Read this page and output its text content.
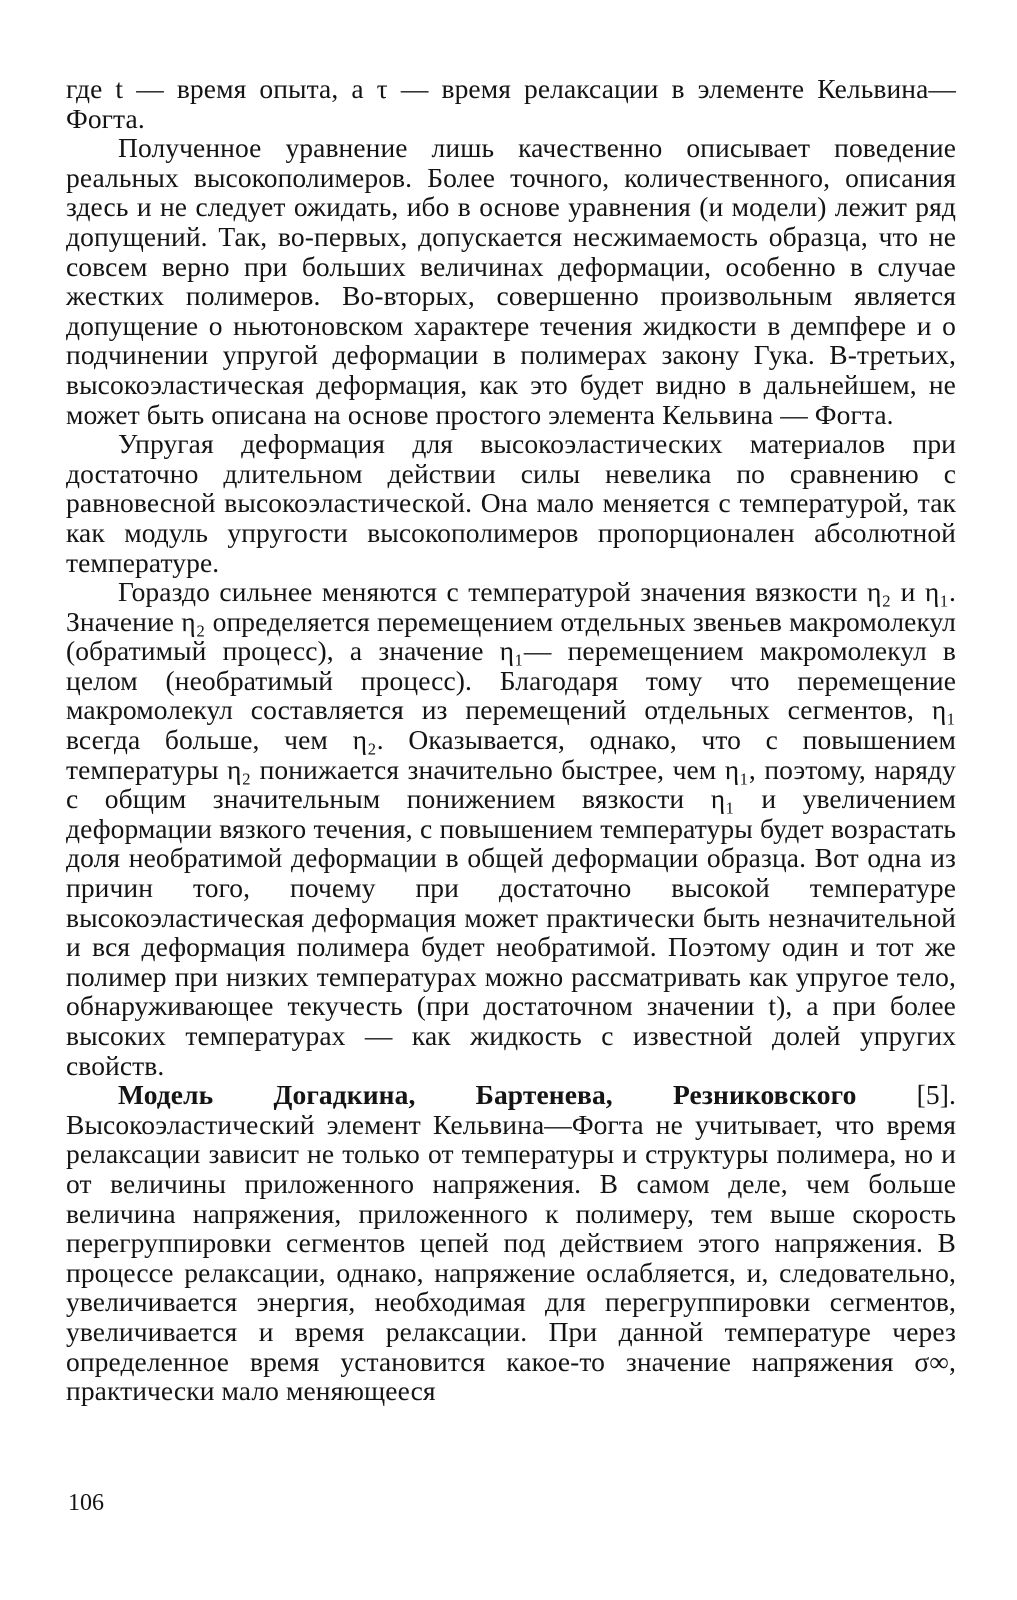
где t — время опыта, а τ — время релаксации в элементе Кельвина—Фогта.

Полученное уравнение лишь качественно описывает поведение реальных высокополимеров. Более точного, количественного, описания здесь и не следует ожидать, ибо в основе уравнения (и модели) лежит ряд допущений. Так, во-первых, допускается несжимаемость образца, что не совсем верно при больших величинах деформации, особенно в случае жестких полимеров. Во-вторых, совершенно произвольным является допущение о ньютоновском характере течения жидкости в демпфере и о подчинении упругой деформации в полимерах закону Гука. В-третьих, высокоэластическая деформация, как это будет видно в дальнейшем, не может быть описана на основе простого элемента Кельвина — Фогта.

Упругая деформация для высокоэластических материалов при достаточно длительном действии силы невелика по сравнению с равновесной высокоэластической. Она мало меняется с температурой, так как модуль упругости высокополимеров пропорционален абсолютной температуре.

Гораздо сильнее меняются с температурой значения вязкости η₂ и η₁. Значение η₂ определяется перемещением отдельных звеньев макромолекул (обратимый процесс), а значение η₁— перемещением макромолекул в целом (необратимый процесс). Благодаря тому что перемещение макромолекул составляется из перемещений отдельных сегментов, η₁ всегда больше, чем η₂. Оказывается, однако, что с повышением температуры η₂ понижается значительно быстрее, чем η₁, поэтому, наряду с общим значительным понижением вязкости η₁ и увеличением деформации вязкого течения, с повышением температуры будет возрастать доля необратимой деформации в общей деформации образца. Вот одна из причин того, почему при достаточно высокой температуре высокоэластическая деформация может практически быть незначительной и вся деформация полимера будет необратимой. Поэтому один и тот же полимер при низких температурах можно рассматривать как упругое тело, обнаруживающее текучесть (при достаточном значении t), а при более высоких температурах — как жидкость с известной долей упругих свойств.

Модель Догадкина, Бартенева, Резниковского [5]. Высокоэластический элемент Кельвина—Фогта не учитывает, что время релаксации зависит не только от температуры и структуры полимера, но и от величины приложенного напряжения. В самом деле, чем больше величина напряжения, приложенного к полимеру, тем выше скорость перегруппировки сегментов цепей под действием этого напряжения. В процессе релаксации, однако, напряжение ослабляется, и, следовательно, увеличивается энергия, необходимая для перегруппировки сегментов, увеличивается и время релаксации. При данной температуре через определенное время установится какое-то значение напряжения σ∞, практически мало меняющееся

106
